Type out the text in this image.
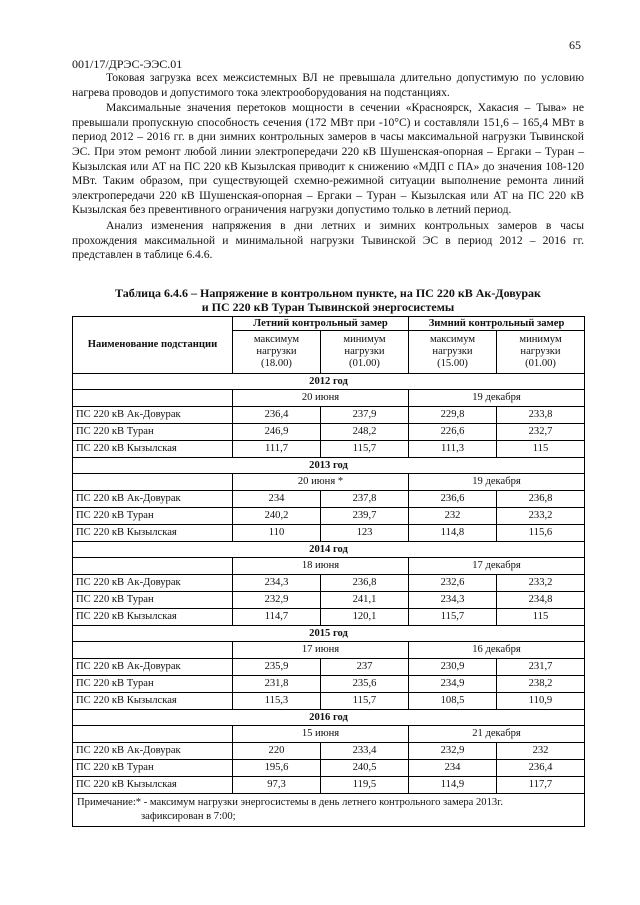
65
001/17/ДРЭС-ЭЭС.01

Токовая загрузка всех межсистемных ВЛ не превышала длительно допустимую по условию нагрева проводов и допустимого тока электрооборудования на подстанциях.

Максимальные значения перетоков мощности в сечении «Красноярск, Хакасия – Тыва» не превышали пропускную способность сечения (172 МВт при -10°C) и составляли 151,6 – 165,4 МВт в период 2012 – 2016 гг. в дни зимних контрольных замеров в часы максимальной нагрузки Тывинской ЭС. При этом ремонт любой линии электропередачи 220 кВ Шушенская-опорная – Ергаки – Туран – Кызылская или АТ на ПС 220 кВ Кызылская приводит к снижению «МДП с ПА» до значения 108-120 МВт. Таким образом, при существующей схемно-режимной ситуации выполнение ремонта линий электропередачи 220 кВ Шушенская-опорная – Ергаки – Туран – Кызылская или АТ на ПС 220 кВ Кызылская без превентивного ограничения нагрузки допустимо только в летний период.

Анализ изменения напряжения в дни летних и зимних контрольных замеров в часы прохождения максимальной и минимальной нагрузки Тывинской ЭС в период 2012 – 2016 гг. представлен в таблице 6.4.6.

Таблица 6.4.6 – Напряжение в контрольном пункте, на ПС 220 кВ Ак-Довурак
и ПС 220 кВ Туран Тывинской энергосистемы
Наименование подстанции	Летний контрольный замер		Зимний контрольный замер	
	максимум
нагрузки
(18.00)	минимум
нагрузки
(01.00)	максимум
нагрузки
(15.00)	минимум
нагрузки
(01.00)
2012 год				
	20 июня		19 декабря	
ПС 220 кВ Ак-Довурак	236,4	237,9	229,8	233,8
ПС 220 кВ Туран	246,9	248,2	226,6	232,7
ПС 220 кВ Кызылская	111,7	115,7	111,3	115
2013 год				
	20 июня *		19 декабря	
ПС 220 кВ Ак-Довурак	234	237,8	236,6	236,8
ПС 220 кВ Туран	240,2	239,7	232	233,2
ПС 220 кВ Кызылская	110	123	114,8	115,6
2014 год				
	18 июня		17 декабря	
ПС 220 кВ Ак-Довурак	234,3	236,8	232,6	233,2
ПС 220 кВ Туран	232,9	241,1	234,3	234,8
ПС 220 кВ Кызылская	114,7	120,1	115,7	115
2015 год				
	17 июня		16 декабря	
ПС 220 кВ Ак-Довурак	235,9	237	230,9	231,7
ПС 220 кВ Туран	231,8	235,6	234,9	238,2
ПС 220 кВ Кызылская	115,3	115,7	108,5	110,9
2016 год				
	15 июня		21 декабря	
ПС 220 кВ Ак-Довурак	220	233,4	232,9	232
ПС 220 кВ Туран	195,6	240,5	234	236,4
ПС 220 кВ Кызылская	97,3	119,5	114,9	117,7

Примечание:* - максимум нагрузки энергосистемы в день летнего контрольного замера 2013г.
зафиксирован в 7:00;				
